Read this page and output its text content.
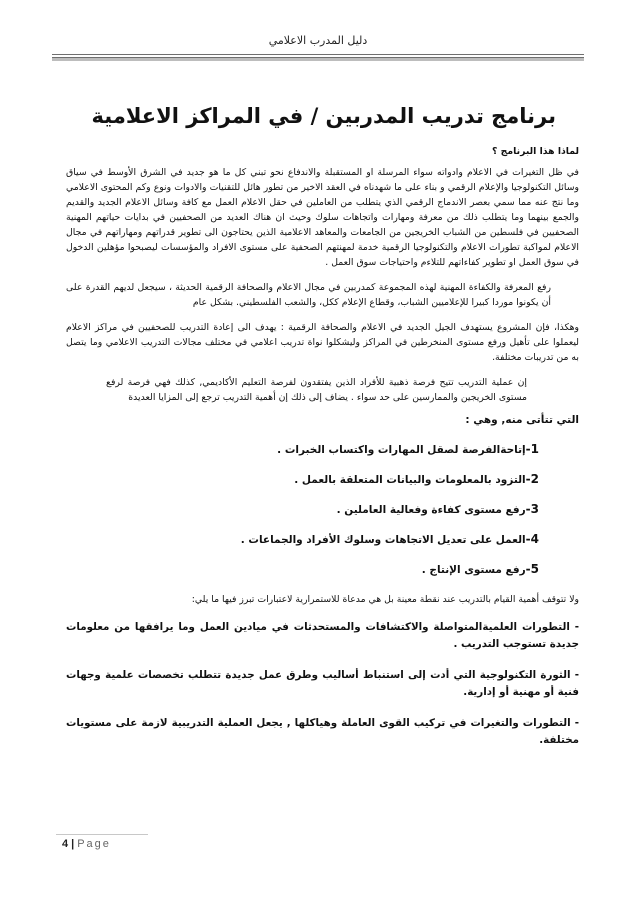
دليل المدرب الاعلامي
برنامج تدريب المدربين / في المراكز الاعلامية

لماذا هذا البرنامج ؟

في ظل التغيرات في الاعلام وادواته سواء المرسلة او المستقبلة والاندفاع نحو تبني كل ما هو جديد في الشرق الأوسط في سياق وسائل التكنولوجيا والإعلام الرقمي و بناء على ما شهدناه في العقد الاخير من تطور هائل للتقنيات والادوات ونوع وكم المحتوى الاعلامي وما نتج عنه مما سمي بعصر الاندماج الرقمي الذي يتطلب من العاملين في حقل الاعلام العمل مع كافة وسائل الاعلام الجديد والقديم والجمع بينهما وما يتطلب ذلك من معرفة ومهارات واتجاهات سلوك وحيث ان هناك العديد من الصحفيين في بدايات حياتهم المهنية الصحفيين في فلسطين من الشباب الخريجين من الجامعات والمعاهد الاعلامية الذين يحتاجون الى تطوير قدراتهم ومهاراتهم في مجال الاعلام لمواكبة تطورات الاعلام والتكنولوجيا الرقمية خدمة لمهنتهم الصحفية على مستوى الافراد والمؤسسات ليصبحوا مؤهلين الدخول في سوق العمل او تطوير كفاءاتهم للتلاءم واحتياجات سوق العمل .

رفع المعرفة والكفاءة المهنية لهذه المجموعة كمدربين في مجال الاعلام والصحافة الرقمية الحديثة ، سيجعل لديهم القدرة على أن يكونوا موردا كبيرا للإعلاميين الشباب، وقطاع الإعلام ككل، والشعب الفلسطيني. بشكل عام

وهكذا، فإن المشروع يستهدف الجيل الجديد في الاعلام والصحافة الرقمية : يهدف الى إعادة التدريب للصحفيين في مراكز الاعلام ليعملوا على تأهيل ورفع مستوى المنخرطين في المراكز وليشكلوا نواة تدريب اعلامي في مختلف مجالات التدريب الاعلامي وما يتصل به من تدريبات مختلفة.

إن عملية التدريب تتيح فرصة ذهبية للأفراد الذين يفتقدون لفرصة التعليم الأكاديمي, كذلك فهي فرصة لرفع مستوى الخريجين والممارسين على حد سواء . يضاف إلى ذلك إن أهمية التدريب ترجع إلى المزايا العديدة

التي تتأتى منه, وهي :

1-إتاحةالفرصة لصقل المهارات واكتساب الخبرات .
2-التزود بالمعلومات والبيانات المتعلقة بالعمل .
3-رفع مستوى كفاءة وفعالية العاملين .
4-العمل على تعديل الاتجاهات وسلوك الأفراد والجماعات .
5-رفع مستوى الإنتاج .

ولا تتوقف أهمية القيام بالتدريب عند نقطة معينة بل هي مدعاة للاستمرارية لاعتبارات تبرز فيها ما يلي:

- التطورات العلميةالمتواصلة والاكتشافات والمستحدثات في ميادين العمل وما يرافقها من معلومات جديدة تستوجب التدريب .

- الثورة التكنولوجية التي أدت إلى استنباط أساليب وطرق عمل جديدة تتطلب تخصصات علمية وجهات فنية أو مهنية أو إدارية.

- التطورات والتغيرات في تركيب القوى العاملة وهياكلها , يجعل العملية التدريبية لازمة على مستويات مختلفة.

4 | Page
